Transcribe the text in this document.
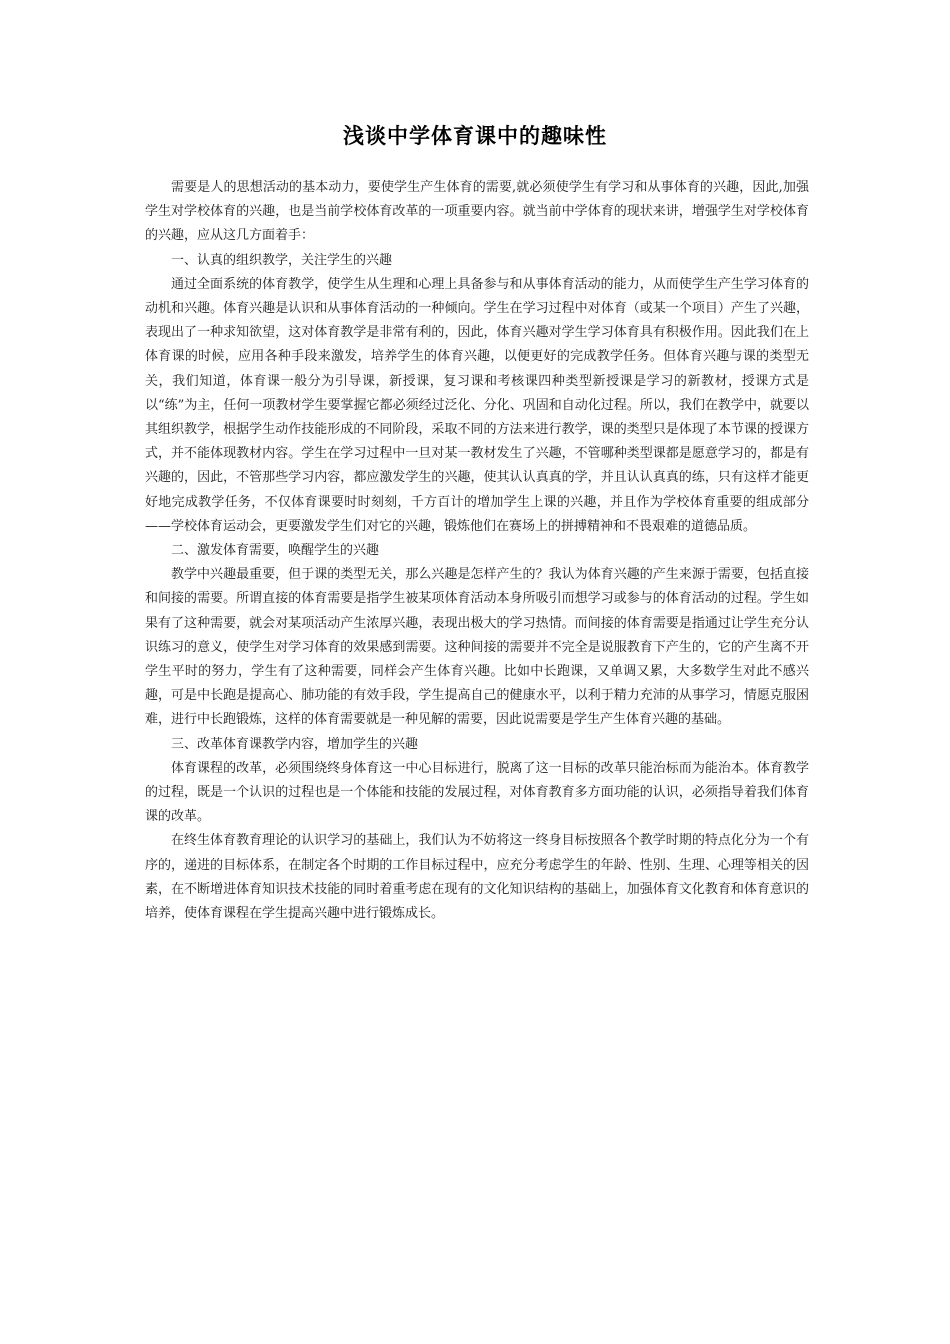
浅谈中学体育课中的趣味性

需要是人的思想活动的基本动力，要使学生产生体育的需要,就必须使学生有学习和从事体育的兴趣，因此,加强学生对学校体育的兴趣，也是当前学校体育改革的一项重要内容。就当前中学体育的现状来讲，增强学生对学校体育的兴趣，应从这几方面着手：

一、认真的组织教学，关注学生的兴趣

通过全面系统的体育教学，使学生从生理和心理上具备参与和从事体育活动的能力，从而使学生产生学习体育的动机和兴趣。体育兴趣是认识和从事体育活动的一种倾向。学生在学习过程中对体育（或某一个项目）产生了兴趣，表现出了一种求知欲望，这对体育教学是非常有利的，因此，体育兴趣对学生学习体育具有积极作用。因此我们在上体育课的时候，应用各种手段来激发，培养学生的体育兴趣，以便更好的完成教学任务。但体育兴趣与课的类型无关，我们知道，体育课一般分为引导课，新授课，复习课和考核课四种类型新授课是学习的新教材，授课方式是以“练”为主，任何一项教材学生要掌握它都必须经过泛化、分化、巩固和自动化过程。所以，我们在教学中，就要以其组织教学，根据学生动作技能形成的不同阶段，采取不同的方法来进行教学，课的类型只是体现了本节课的授课方式，并不能体现教材内容。学生在学习过程中一旦对某一教材发生了兴趣，不管哪种类型课都是愿意学习的，都是有兴趣的，因此，不管那些学习内容，都应激发学生的兴趣，使其认认真真的学，并且认认真真的练，只有这样才能更好地完成教学任务，不仅体育课要时时刻刻，千方百计的增加学生上课的兴趣，并且作为学校体育重要的组成部分——学校体育运动会，更要激发学生们对它的兴趣，锻炼他们在赛场上的拼搏精神和不畏艰难的道德品质。

二、激发体育需要，唤醒学生的兴趣

教学中兴趣最重要，但于课的类型无关，那么兴趣是怎样产生的？我认为体育兴趣的产生来源于需要，包括直接和间接的需要。所谓直接的体育需要是指学生被某项体育活动本身所吸引而想学习或参与的体育活动的过程。学生如果有了这种需要，就会对某项活动产生浓厚兴趣，表现出极大的学习热情。而间接的体育需要是指通过让学生充分认识练习的意义，使学生对学习体育的效果感到需要。这种间接的需要并不完全是说服教育下产生的，它的产生离不开学生平时的努力，学生有了这种需要，同样会产生体育兴趣。比如中长跑课，又单调又累，大多数学生对此不感兴趣，可是中长跑是提高心、肺功能的有效手段，学生提高自己的健康水平，以利于精力充沛的从事学习，情愿克服困难，进行中长跑锻炼，这样的体育需要就是一种见解的需要，因此说需要是学生产生体育兴趣的基础。

三、改革体育课教学内容，增加学生的兴趣

体育课程的改革，必须围绕终身体育这一中心目标进行，脱离了这一目标的改革只能治标而为能治本。体育教学的过程，既是一个认识的过程也是一个体能和技能的发展过程，对体育教育多方面功能的认识，必须指导着我们体育课的改革。

在终生体育教育理论的认识学习的基础上，我们认为不妨将这一终身目标按照各个教学时期的特点化分为一个有序的，递进的目标体系，在制定各个时期的工作目标过程中，应充分考虑学生的年龄、性别、生理、心理等相关的因素，在不断增进体育知识技术技能的同时着重考虑在现有的文化知识结构的基础上，加强体育文化教育和体育意识的培养，使体育课程在学生提高兴趣中进行锻炼成长。
